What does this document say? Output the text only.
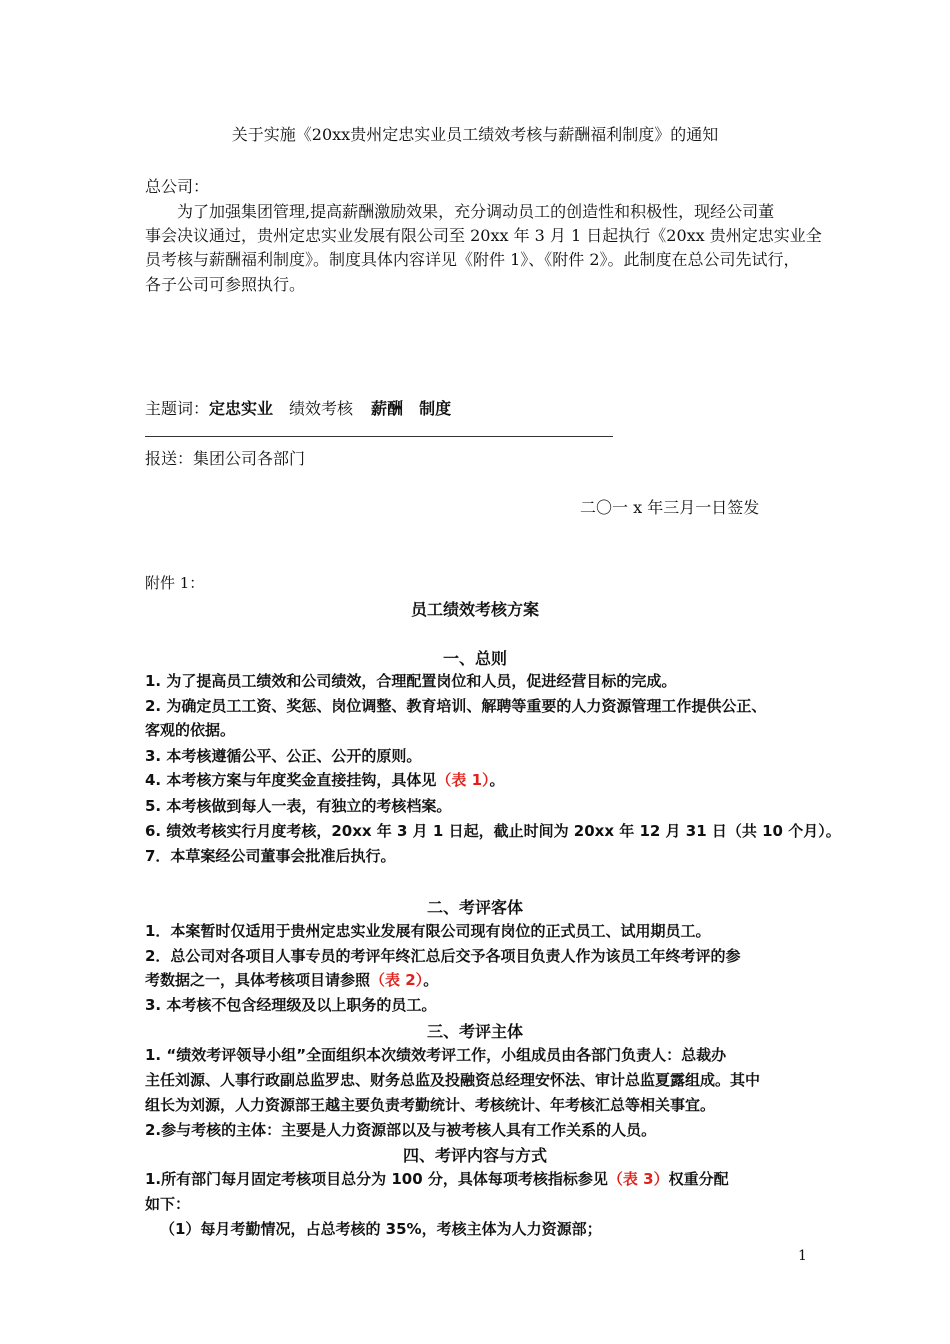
关于实施《20xx贵州定忠实业员工绩效考核与薪酬福利制度》的通知
总公司：
为了加强集团管理,提高薪酬激励效果，充分调动员工的创造性和积极性，现经公司董
事会决议通过，贵州定忠实业发展有限公司至 20xx 年 3 月 1 日起执行《20xx 贵州定忠实业全
员考核与薪酬福利制度》。制度具体内容详见《附件 1》、《附件 2》。此制度在总公司先试行，
各子公司可参照执行。
主题词：定忠实业 绩效考核 薪酬 制度
报送：集团公司各部门
二〇一 x 年三月一日签发
附件 1：
员工绩效考核方案
一、总则
1. 为了提高员工绩效和公司绩效，合理配置岗位和人员，促进经营目标的完成。
2. 为确定员工工资、奖惩、岗位调整、教育培训、解聘等重要的人力资源管理工作提供公正、
客观的依据。
3. 本考核遵循公平、公正、公开的原则。
4. 本考核方案与年度奖金直接挂钩，具体见（表 1）。
5. 本考核做到每人一表，有独立的考核档案。
6. 绩效考核实行月度考核，20xx 年 3 月 1 日起，截止时间为 20xx 年 12 月 31 日（共 10 个月）。
7．本草案经公司董事会批准后执行。
二、考评客体
1．本案暂时仅适用于贵州定忠实业发展有限公司现有岗位的正式员工、试用期员工。
2．总公司对各项目人事专员的考评年终汇总后交予各项目负责人作为该员工年终考评的参
考数据之一，具体考核项目请参照（表 2）。
3. 本考核不包含经理级及以上职务的员工。
三、考评主体
1. “绩效考评领导小组”全面组织本次绩效考评工作，小组成员由各部门负责人：总裁办
主任刘源、人事行政副总监罗忠、财务总监及投融资总经理安怀法、审计总监夏露组成。其中
组长为刘源，人力资源部王越主要负责考勤统计、考核统计、年考核汇总等相关事宜。
2.参与考核的主体：主要是人力资源部以及与被考核人具有工作关系的人员。
四、考评内容与方式
1.所有部门每月固定考核项目总分为 100 分，具体每项考核指标参见（表 3）权重分配
如下：
（1）每月考勤情况，占总考核的 35%，考核主体为人力资源部；
1
